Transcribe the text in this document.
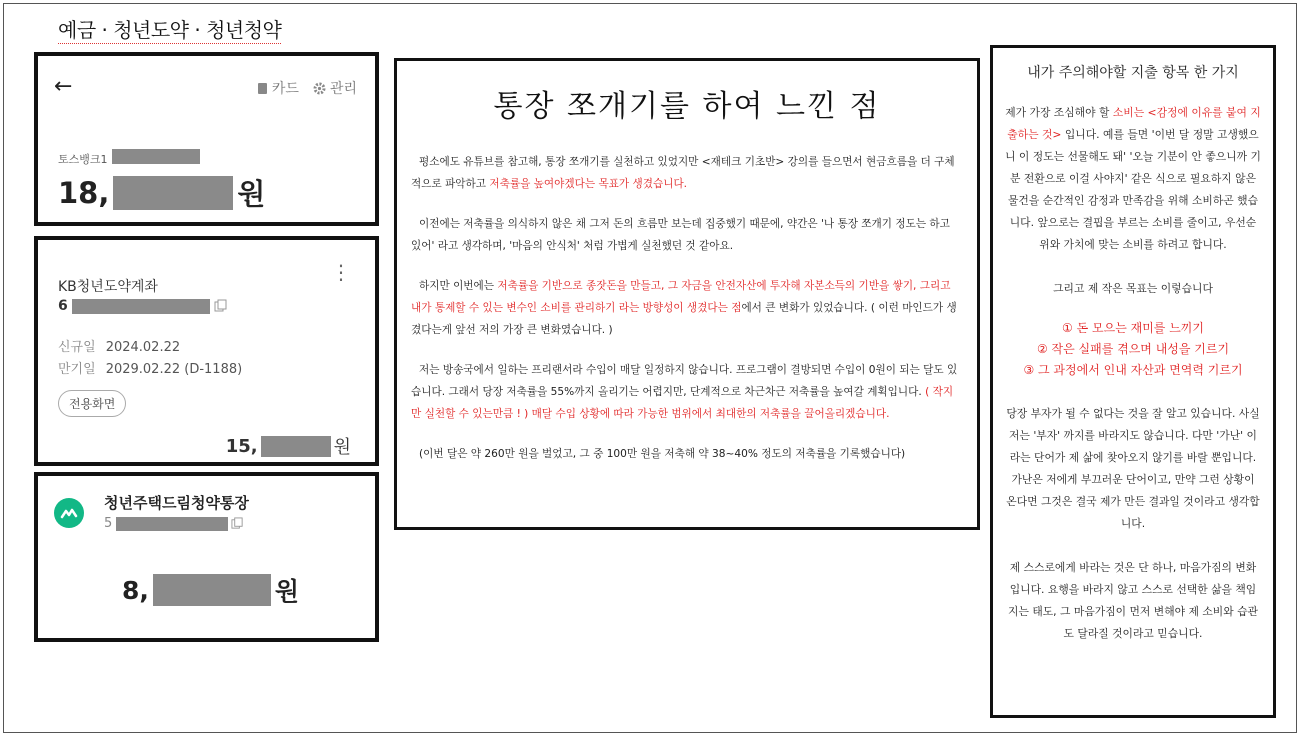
예금 · 청년도약 · 청년청약
←	카드 관리
토스뱅크1
18,	원
KB청년도약계좌
⋮
6
신규일 2024.02.22
만기일 2029.02.22 (D-1188)
전용화면
15,	원
청년주택드림청약통장
5
8,	원
통장 쪼개기를 하여 느낀 점

평소에도 유튜브를 참고해, 통장 쪼개기를 실천하고 있었지만 <재테크 기초반> 강의를 들으면서 현금흐름을 더 구체적으로 파악하고 저축률을 높여야겠다는 목표가 생겼습니다.

이전에는 저축률을 의식하지 않은 채 그저 돈의 흐름만 보는데 집중했기 때문에, 약간은 '나 통장 쪼개기 정도는 하고 있어' 라고 생각하며, '마음의 안식처' 처럼 가볍게 실천했던 것 같아요.

하지만 이번에는 저축률을 기반으로 종잣돈을 만들고, 그 자금을 안전자산에 투자해 자본소득의 기반을 쌓기, 그리고 내가 통제할 수 있는 변수인 소비를 관리하기 라는 방향성이 생겼다는 점에서 큰 변화가 있었습니다. ( 이런 마인드가 생겼다는게 앞선 저의 가장 큰 변화였습니다. )

저는 방송국에서 일하는 프리랜서라 수입이 매달 일정하지 않습니다. 프로그램이 결방되면 수입이 0원이 되는 달도 있습니다. 그래서 당장 저축률을 55%까지 올리기는 어렵지만, 단계적으로 차근차근 저축률을 높여갈 계획입니다. ( 작지만 실천할 수 있는만큼 ! ) 매달 수입 상황에 따라 가능한 범위에서 최대한의 저축률을 끌어올리겠습니다.

(이번 달은 약 260만 원을 벌었고, 그 중 100만 원을 저축해 약 38~40% 정도의 저축률을 기록했습니다)

내가 주의해야할 지출 항목 한 가지

제가 가장 조심해야 할 소비는 <감정에 이유를 붙여 지출하는 것> 입니다. 예를 들면 '이번 달 정말 고생했으니 이 정도는 선물해도 돼' '오늘 기분이 안 좋으니까 기분 전환으로 이걸 사야지' 같은 식으로 필요하지 않은 물건을 순간적인 감정과 만족감을 위해 소비하곤 했습니다. 앞으로는 결핍을 부르는 소비를 줄이고, 우선순위와 가치에 맞는 소비를 하려고 합니다.

그리고 제 작은 목표는 이렇습니다

① 돈 모으는 재미를 느끼기
② 작은 실패를 겪으며 내성을 기르기
③ 그 과정에서 인내 자산과 면역력 기르기

당장 부자가 될 수 없다는 것을 잘 알고 있습니다. 사실 저는 '부자' 까지를 바라지도 않습니다. 다만 '가난' 이라는 단어가 제 삶에 찾아오지 않기를 바랄 뿐입니다. 가난은 저에게 부끄러운 단어이고, 만약 그런 상황이 온다면 그것은 결국 제가 만든 결과일 것이라고 생각합니다.

제 스스로에게 바라는 것은 단 하나, 마음가짐의 변화입니다. 요행을 바라지 않고 스스로 선택한 삶을 책임지는 태도, 그 마음가짐이 먼저 변해야 제 소비와 습관도 달라질 것이라고 믿습니다.
